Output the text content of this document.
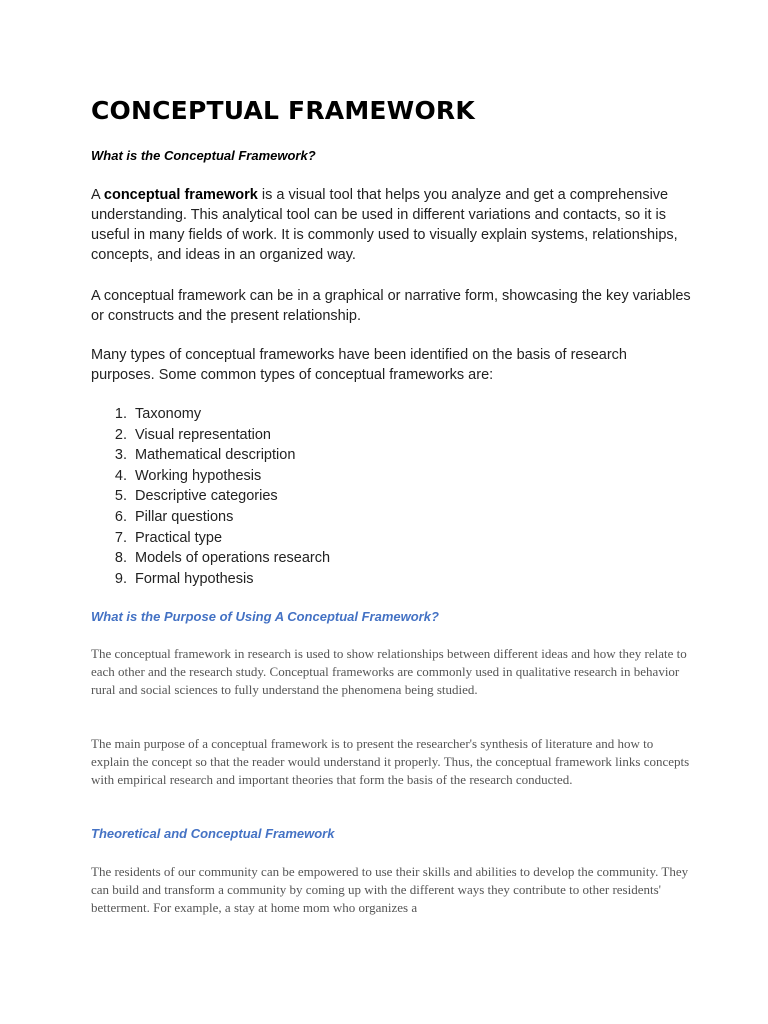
CONCEPTUAL FRAMEWORK

What is the Conceptual Framework?

A conceptual framework is a visual tool that helps you analyze and get a comprehensive understanding. This analytical tool can be used in different variations and contacts, so it is useful in many fields of work. It is commonly used to visually explain systems, relationships, concepts, and ideas in an organized way.

A conceptual framework can be in a graphical or narrative form, showcasing the key variables or constructs and the present relationship.

Many types of conceptual frameworks have been identified on the basis of research purposes. Some common types of conceptual frameworks are:

1. Taxonomy
2. Visual representation
3. Mathematical description
4. Working hypothesis
5. Descriptive categories
6. Pillar questions
7. Practical type
8. Models of operations research
9. Formal hypothesis

What is the Purpose of Using A Conceptual Framework?

The conceptual framework in research is used to show relationships between different ideas and how they relate to each other and the research study. Conceptual frameworks are commonly used in qualitative research in behavior rural and social sciences to fully understand the phenomena being studied.

The main purpose of a conceptual framework is to present the researcher's synthesis of literature and how to explain the concept so that the reader would understand it properly. Thus, the conceptual framework links concepts with empirical research and important theories that form the basis of the research conducted.

Theoretical and Conceptual Framework

The residents of our community can be empowered to use their skills and abilities to develop the community. They can build and transform a community by coming up with the different ways they contribute to other residents' betterment. For example, a stay at home mom who organizes a
